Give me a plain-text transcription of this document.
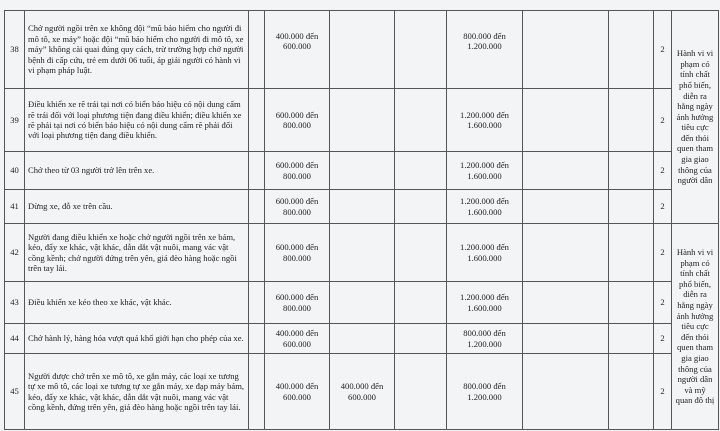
38	Chở người ngồi trên xe không đội “mũ bảo hiểm cho người đi mô tô, xe máy” hoặc đội “mũ bảo hiểm cho người đi mô tô, xe máy” không cài quai đúng quy cách, trừ trường hợp chở người bệnh đi cấp cứu, trẻ em dưới 06 tuổi, áp giải người có hành vi vi phạm pháp luật.		400.000 đến 600.000			800.000 đến 1.200.000			2	Hành vi vi phạm có tính chất phổ biến, diễn ra hằng ngày ảnh hưởng tiêu cực đến thói quen tham gia giao thông của người dân
39	Điều khiển xe rẽ trái tại nơi có biển báo hiệu có nội dung cấm rẽ trái đối với loại phương tiện đang điều khiển; điều khiển xe rẽ phải tại nơi có biển báo hiệu có nội dung cấm rẽ phải đối với loại phương tiện đang điều khiển.		600.000 đến 800.000			1.200.000 đến 1.600.000			2	
40	Chở theo từ 03 người trở lên trên xe.		600.000 đến 800.000			1.200.000 đến 1.600.000			2	
41	Dừng xe, đỗ xe trên cầu.		600.000 đến 800.000			1.200.000 đến 1.600.000			2	
42	Người đang điều khiển xe hoặc chở người ngồi trên xe bám, kéo, đẩy xe khác, vật khác, dẫn dắt vật nuôi, mang vác vật cồng kềnh; chở người đứng trên yên, giá đèo hàng hoặc ngồi trên tay lái.		600.000 đến 800.000			1.200.000 đến 1.600.000			2	Hành vi vi phạm có tính chất phổ biến, diễn ra hằng ngày ảnh hưởng tiêu cực đến thói quen tham gia giao thông của người dân và mỹ quan đô thị
43	Điều khiển xe kéo theo xe khác, vật khác.		600.000 đến 800.000			1.200.000 đến 1.600.000			2	
44	Chở hành lý, hàng hóa vượt quá khổ giới hạn cho phép của xe.		400.000 đến 600.000			800.000 đến 1.200.000			2	
45	Người được chở trên xe mô tô, xe gắn máy, các loại xe tương tự xe mô tô, các loại xe tương tự xe gắn máy, xe đạp máy bám, kéo, đẩy xe khác, vật khác, dẫn dắt vật nuôi, mang vác vật cồng kềnh, đứng trên yên, giá đèo hàng hoặc ngồi trên tay lái.		400.000 đến 600.000	400.000 đến 600.000		800.000 đến 1.200.000			2	
